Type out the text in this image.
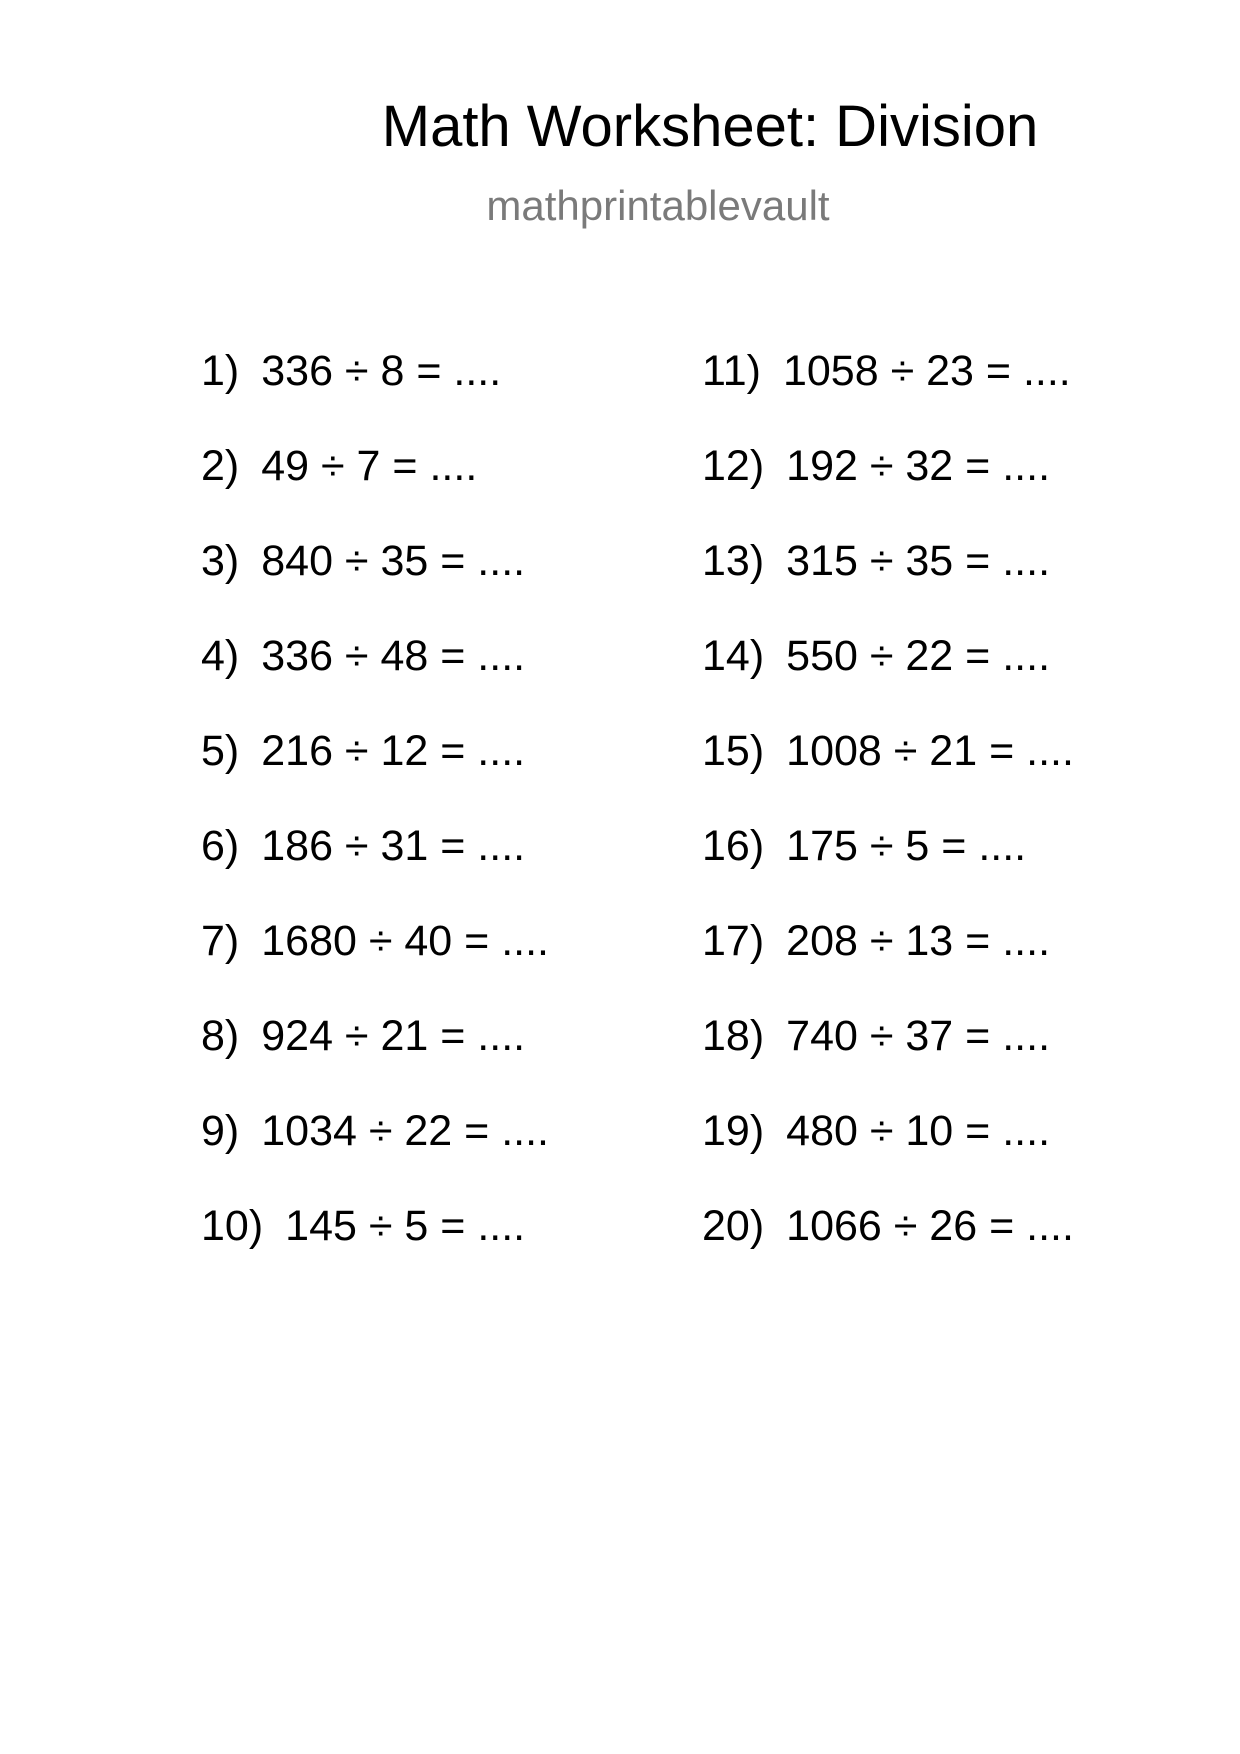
Math Worksheet: Division
mathprintablevault
1) 336 ÷ 8 = ....
2) 49 ÷ 7 = ....
3) 840 ÷ 35 = ....
4) 336 ÷ 48 = ....
5) 216 ÷ 12 = ....
6) 186 ÷ 31 = ....
7) 1680 ÷ 40 = ....
8) 924 ÷ 21 = ....
9) 1034 ÷ 22 = ....
10) 145 ÷ 5 = ....
11) 1058 ÷ 23 = ....
12) 192 ÷ 32 = ....
13) 315 ÷ 35 = ....
14) 550 ÷ 22 = ....
15) 1008 ÷ 21 = ....
16) 175 ÷ 5 = ....
17) 208 ÷ 13 = ....
18) 740 ÷ 37 = ....
19) 480 ÷ 10 = ....
20) 1066 ÷ 26 = ....
